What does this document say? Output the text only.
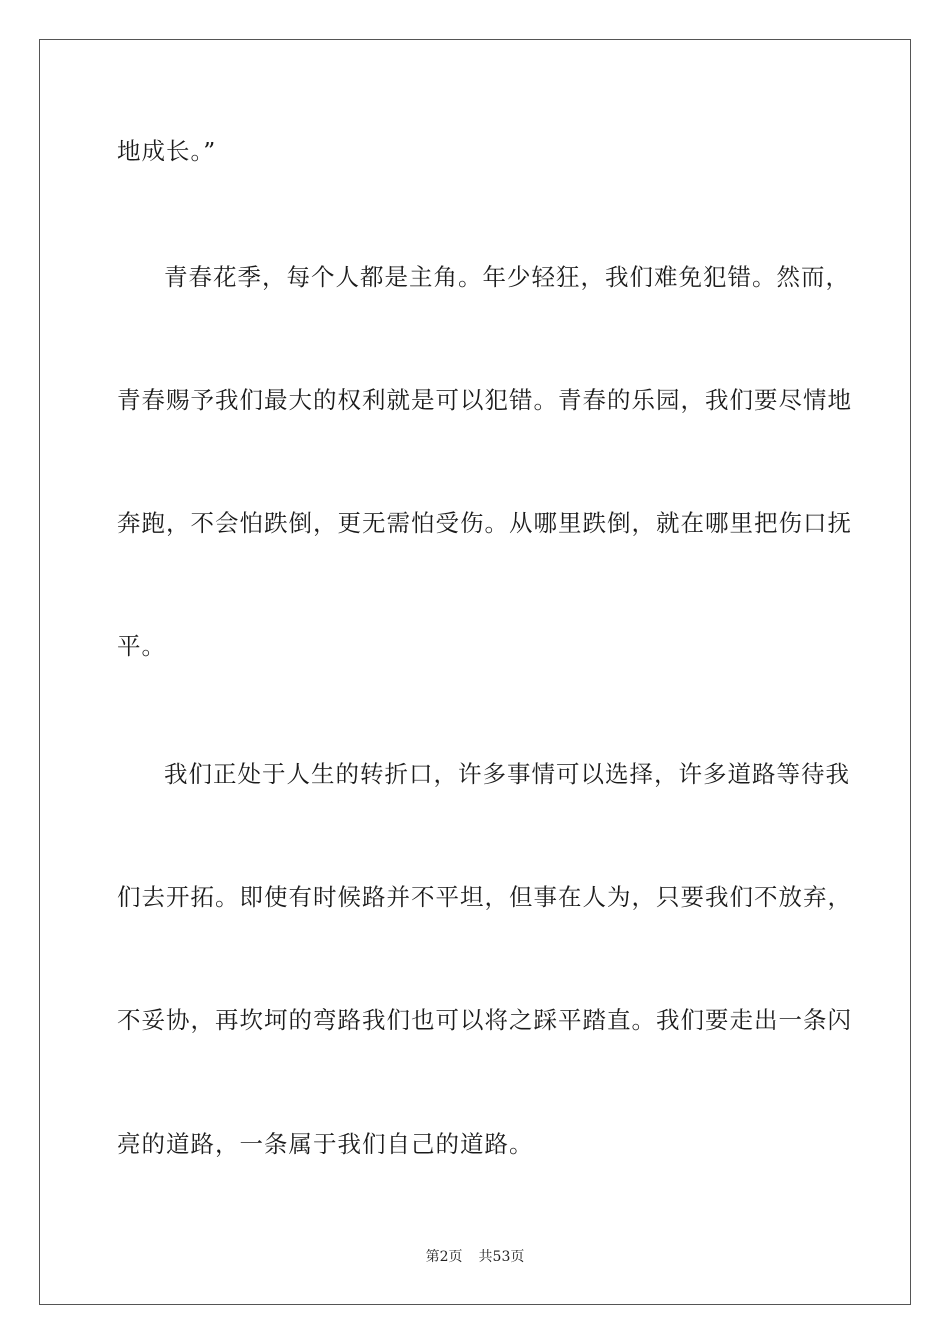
地成长。”
青春花季，每个人都是主角。年少轻狂，我们难免犯错。然而，
青春赐予我们最大的权利就是可以犯错。青春的乐园，我们要尽情地
奔跑，不会怕跌倒，更无需怕受伤。从哪里跌倒，就在哪里把伤口抚
平。
我们正处于人生的转折口，许多事情可以选择，许多道路等待我
们去开拓。即使有时候路并不平坦，但事在人为，只要我们不放弃，
不妥协，再坎坷的弯路我们也可以将之踩平踏直。我们要走出一条闪
亮的道路，一条属于我们自己的道路。
第2页 共53页
